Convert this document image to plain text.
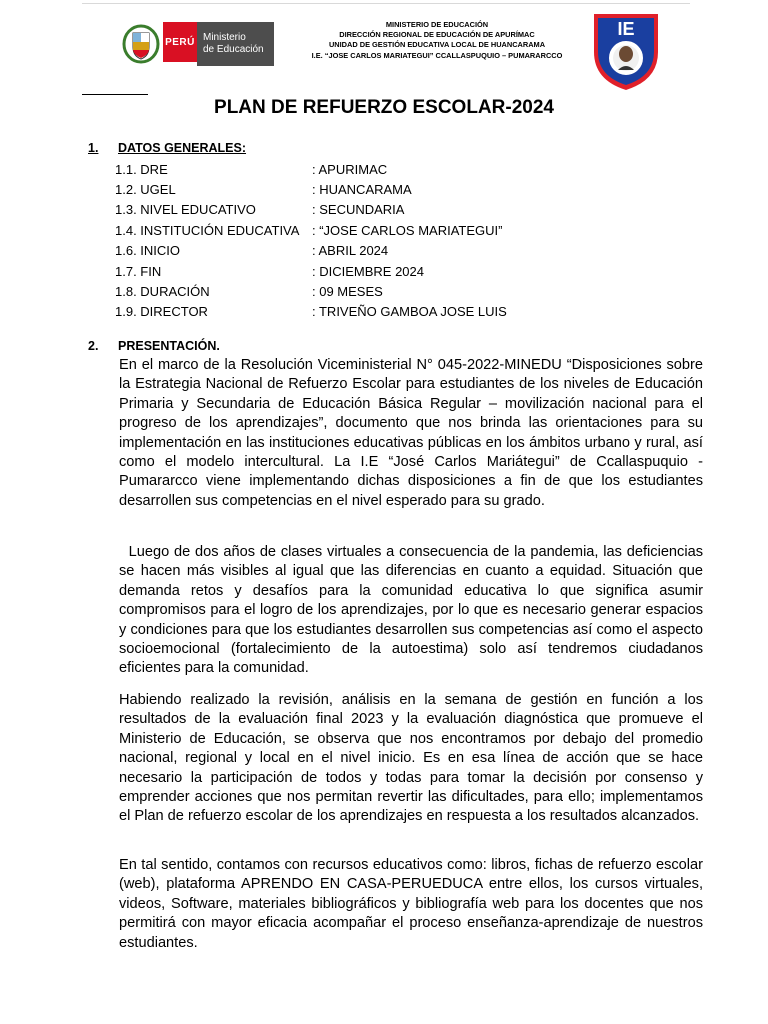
PERÚ Ministerio
de Educación
MINISTERIO DE EDUCACIÓN
DIRECCIÓN REGIONAL DE EDUCACIÓN DE APURÍMAC
UNIDAD DE GESTIÓN EDUCATIVA LOCAL DE HUANCARAMA
I.E. “JOSE CARLOS MARIATEGUI” CCALLASPUQUIO – PUMARARCCO
IE
PLAN DE REFUERZO ESCOLAR-2024
1. DATOS GENERALES:
1.1. DRE	: APURIMAC
1.2. UGEL	: HUANCARAMA
1.3. NIVEL EDUCATIVO	: SECUNDARIA
1.4. INSTITUCIÓN EDUCATIVA : “JOSE CARLOS MARIATEGUI”
1.6. INICIO	: ABRIL 2024
1.7. FIN	: DICIEMBRE 2024
1.8. DURACIÓN	: 09 MESES
1.9. DIRECTOR	: TRIVEÑO GAMBOA JOSE LUIS
2. PRESENTACIÓN.
En el marco de la Resolución Viceministerial N° 045-2022-MINEDU “Disposiciones sobre la Estrategia Nacional de Refuerzo Escolar para estudiantes de los niveles de Educación Primaria y Secundaria de Educación Básica Regular – movilización nacional para el progreso de los aprendizajes”, documento que nos brinda las orientaciones para su implementación en las instituciones educativas públicas en los ámbitos urbano y rural, así como el modelo intercultural. La I.E “José Carlos Mariátegui” de Ccallaspuquio -Pumararcco viene implementando dichas disposiciones a fin de que los estudiantes desarrollen sus competencias en el nivel esperado para su grado.
Luego de dos años de clases virtuales a consecuencia de la pandemia, las deficiencias se hacen más visibles al igual que las diferencias en cuanto a equidad. Situación que demanda retos y desafíos para la comunidad educativa lo que significa asumir compromisos para el logro de los aprendizajes, por lo que es necesario generar espacios y condiciones para que los estudiantes desarrollen sus competencias así como el aspecto socioemocional (fortalecimiento de la autoestima) solo así tendremos ciudadanos eficientes para la comunidad.
Habiendo realizado la revisión, análisis en la semana de gestión en función a los resultados de la evaluación final 2023 y la evaluación diagnóstica que promueve el Ministerio de Educación, se observa que nos encontramos por debajo del promedio nacional, regional y local en el nivel inicio. Es en esa línea de acción que se hace necesario la participación de todos y todas para tomar la decisión por consenso y emprender acciones que nos permitan revertir las dificultades, para ello; implementamos el Plan de refuerzo escolar de los aprendizajes en respuesta a los resultados alcanzados.
En tal sentido, contamos con recursos educativos como: libros, fichas de refuerzo escolar (web), plataforma APRENDO EN CASA-PERUEDUCA entre ellos, los cursos virtuales, videos, Software, materiales bibliográficos y bibliografía web para los docentes que nos permitirá con mayor eficacia acompañar el proceso enseñanza-aprendizaje de nuestros estudiantes.
